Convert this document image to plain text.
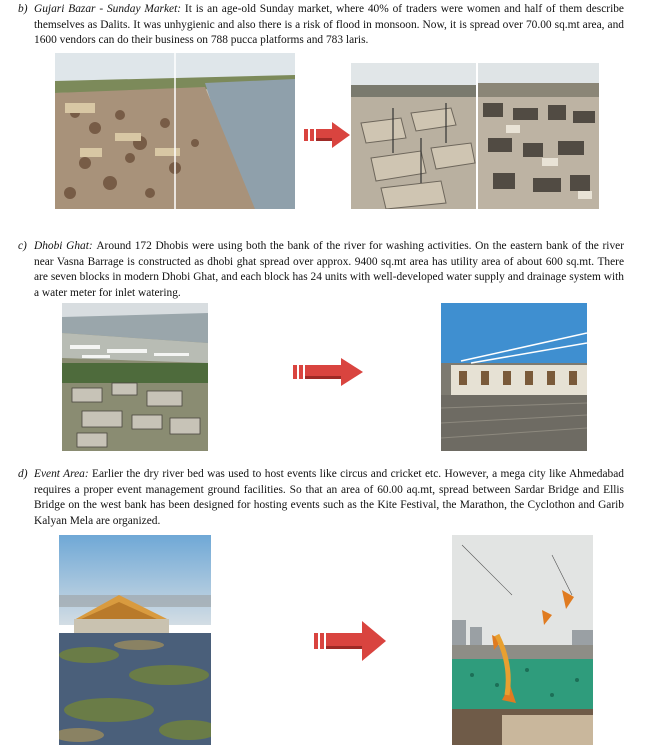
b) Gujari Bazar - Sunday Market: It is an age-old Sunday market, where 40% of traders were women and half of them describe themselves as Dalits. It was unhygienic and also there is a risk of flood in monsoon. Now, it is spread over 70.00 sq.mt area, and 1600 vendors can do their business on 788 pucca platforms and 783 laris.
c) Dhobi Ghat: Around 172 Dhobis were using both the bank of the river for washing activities. On the eastern bank of the river near Vasna Barrage is constructed as dhobi ghat spread over approx. 9400 sq.mt area has utility area of about 600 sq.mt. There are seven blocks in modern Dhobi Ghat, and each block has 24 units with well-developed water supply and drainage system with a water meter for inlet watering.
d) Event Area: Earlier the dry river bed was used to host events like circus and cricket etc. However, a mega city like Ahmedabad requires a proper event management ground facilities. So that an area of 60.00 aq.mt, spread between Sardar Bridge and Ellis Bridge on the west bank has been designed for hosting events such as the Kite Festival, the Marathon, the Cyclothon and Garib Kalyan Mela are organized.
